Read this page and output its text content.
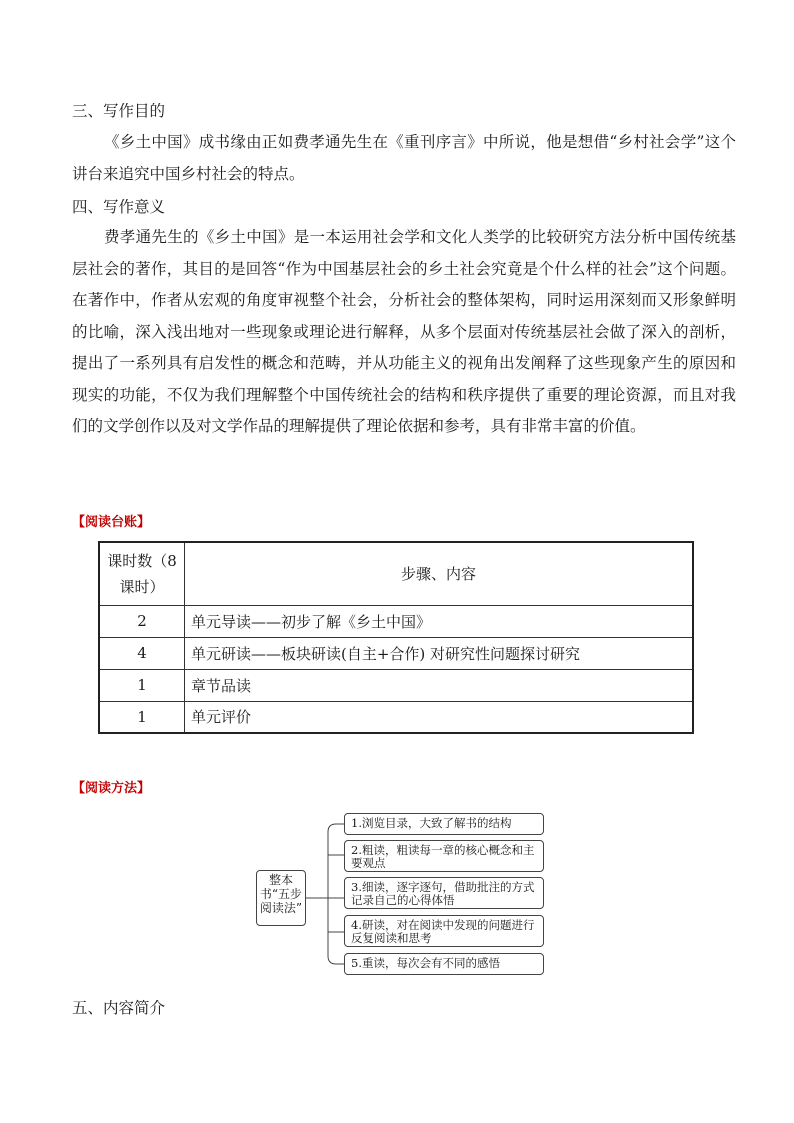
三、写作目的

《乡土中国》成书缘由正如费孝通先生在《重刊序言》中所说，他是想借“乡村社会学”这个讲台来追究中国乡村社会的特点。

四、写作意义

费孝通先生的《乡土中国》是一本运用社会学和文化人类学的比较研究方法分析中国传统基层社会的著作，其目的是回答“作为中国基层社会的乡土社会究竟是个什么样的社会”这个问题。在著作中，作者从宏观的角度审视整个社会，分析社会的整体架构，同时运用深刻而又形象鲜明的比喻，深入浅出地对一些现象或理论进行解释，从多个层面对传统基层社会做了深入的剖析，提出了一系列具有启发性的概念和范畴，并从功能主义的视角出发阐释了这些现象产生的原因和现实的功能，不仅为我们理解整个中国传统社会的结构和秩序提供了重要的理论资源，而且对我们的文学创作以及对文学作品的理解提供了理论依据和参考，具有非常丰富的价值。

【阅读台账】
课时数（8课时）	步骤、内容
2	单元导读——初步了解《乡土中国》
4	单元研读——板块研读(自主+合作) 对研究性问题探讨研究
1	章节品读
1	单元评价
【阅读方法】
整本书“五步阅读法”
1.浏览目录，大致了解书的结构
2.粗读，粗读每一章的核心概念和主要观点
3.细读，逐字逐句，借助批注的方式记录自己的心得体悟
4.研读，对在阅读中发现的问题进行反复阅读和思考
5.重读，每次会有不同的感悟
五、内容简介
